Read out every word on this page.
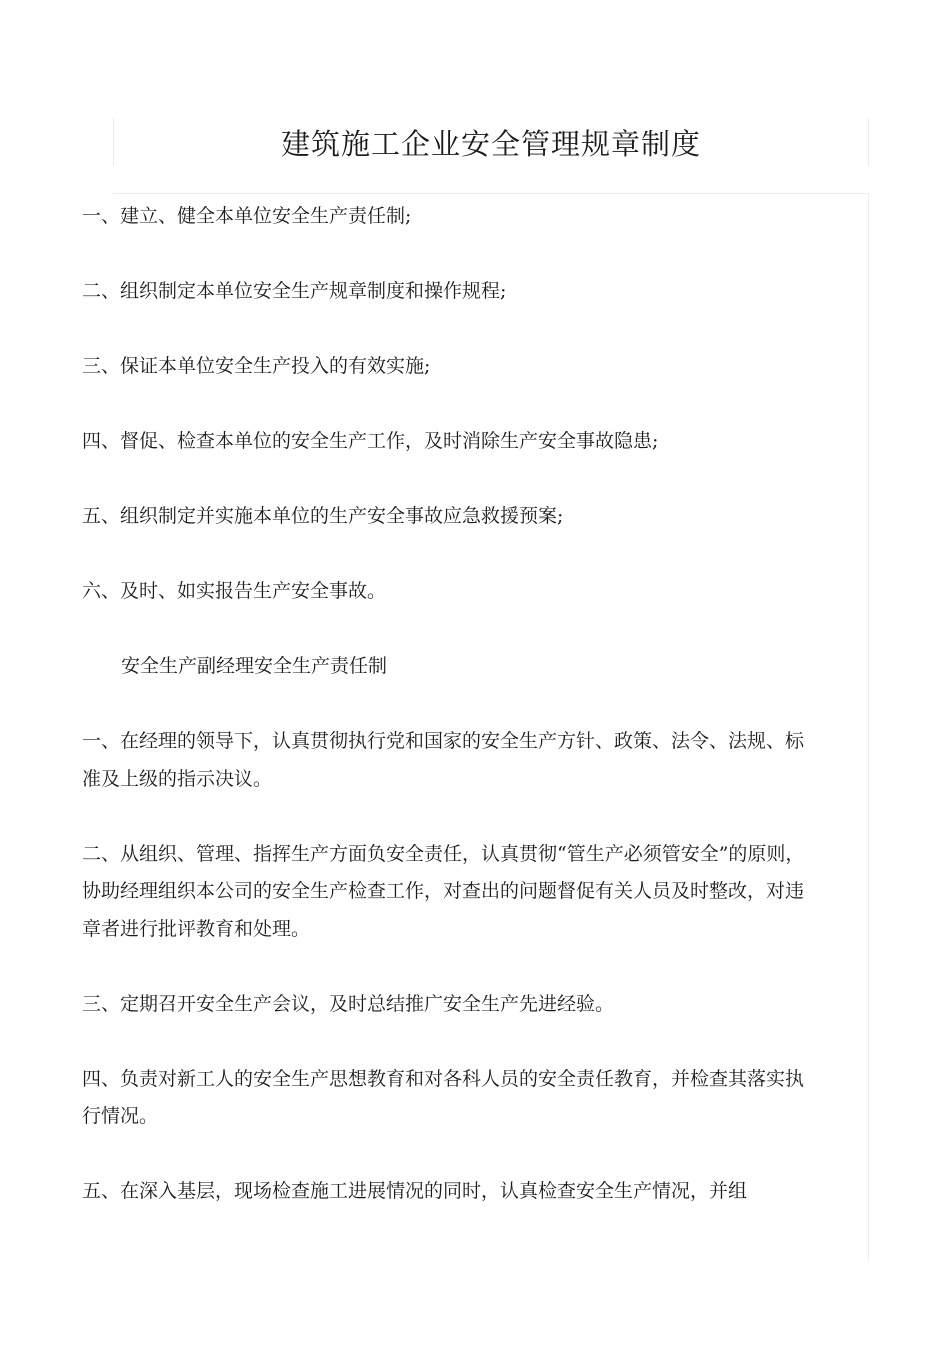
建筑施工企业安全管理规章制度

一、建立、健全本单位安全生产责任制;

二、组织制定本单位安全生产规章制度和操作规程;

三、保证本单位安全生产投入的有效实施;

四、督促、检查本单位的安全生产工作，及时消除生产安全事故隐患;

五、组织制定并实施本单位的生产安全事故应急救援预案;

六、及时、如实报告生产安全事故。

安全生产副经理安全生产责任制

一、在经理的领导下，认真贯彻执行党和国家的安全生产方针、政策、法令、法规、标准及上级的指示决议。

二、从组织、管理、指挥生产方面负安全责任，认真贯彻“管生产必须管安全”的原则，协助经理组织本公司的安全生产检查工作，对查出的问题督促有关人员及时整改，对违章者进行批评教育和处理。

三、定期召开安全生产会议，及时总结推广安全生产先进经验。

四、负责对新工人的安全生产思想教育和对各科人员的安全责任教育，并检查其落实执行情况。

五、在深入基层，现场检查施工进展情况的同时，认真检查安全生产情况，并组
